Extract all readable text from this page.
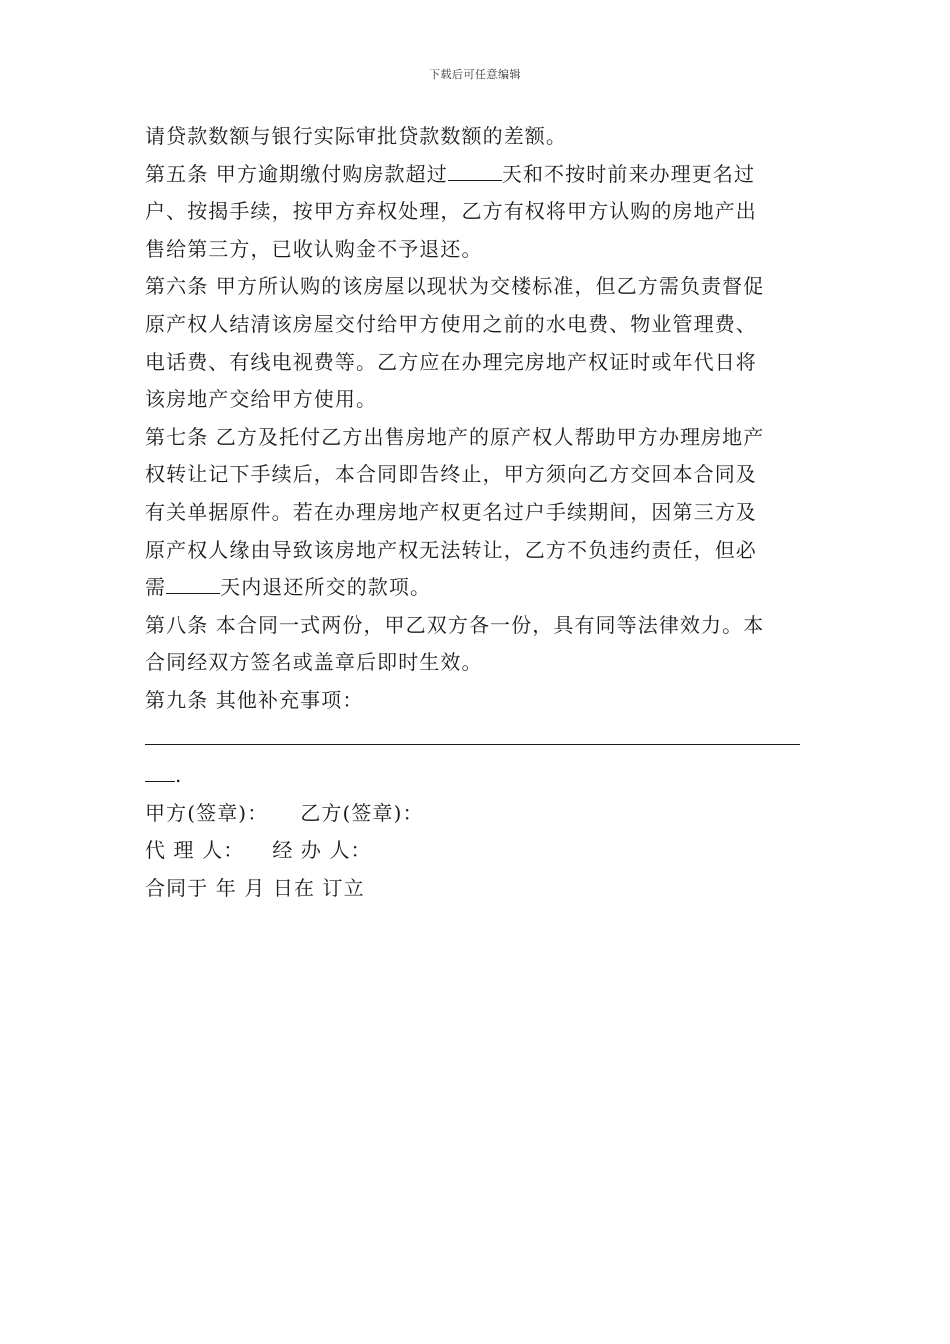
下载后可任意编辑
请贷款数额与银行实际审批贷款数额的差额。
第五条 甲方逾期缴付购房款超过	天和不按时前来办理更名过
户、按揭手续，按甲方弃权处理，乙方有权将甲方认购的房地产出
售给第三方，已收认购金不予退还。
第六条 甲方所认购的该房屋以现状为交楼标准，但乙方需负责督促
原产权人结清该房屋交付给甲方使用之前的水电费、物业管理费、
电话费、有线电视费等。乙方应在办理完房地产权证时或年代日将
该房地产交给甲方使用。
第七条 乙方及托付乙方出售房地产的原产权人帮助甲方办理房地产
权转让记下手续后，本合同即告终止，甲方须向乙方交回本合同及
有关单据原件。若在办理房地产权更名过户手续期间，因第三方及
原产权人缘由导致该房地产权无法转让，乙方不负违约责任，但必
需	天内退还所交的款项。
第八条 本合同一式两份，甲乙双方各一份，具有同等法律效力。本
合同经双方签名或盖章后即时生效。
第九条 其他补充事项：
.
甲方(签章)： 乙方(签章)：
代 理 人： 经 办 人：
合同于 年 月 日在 订立
